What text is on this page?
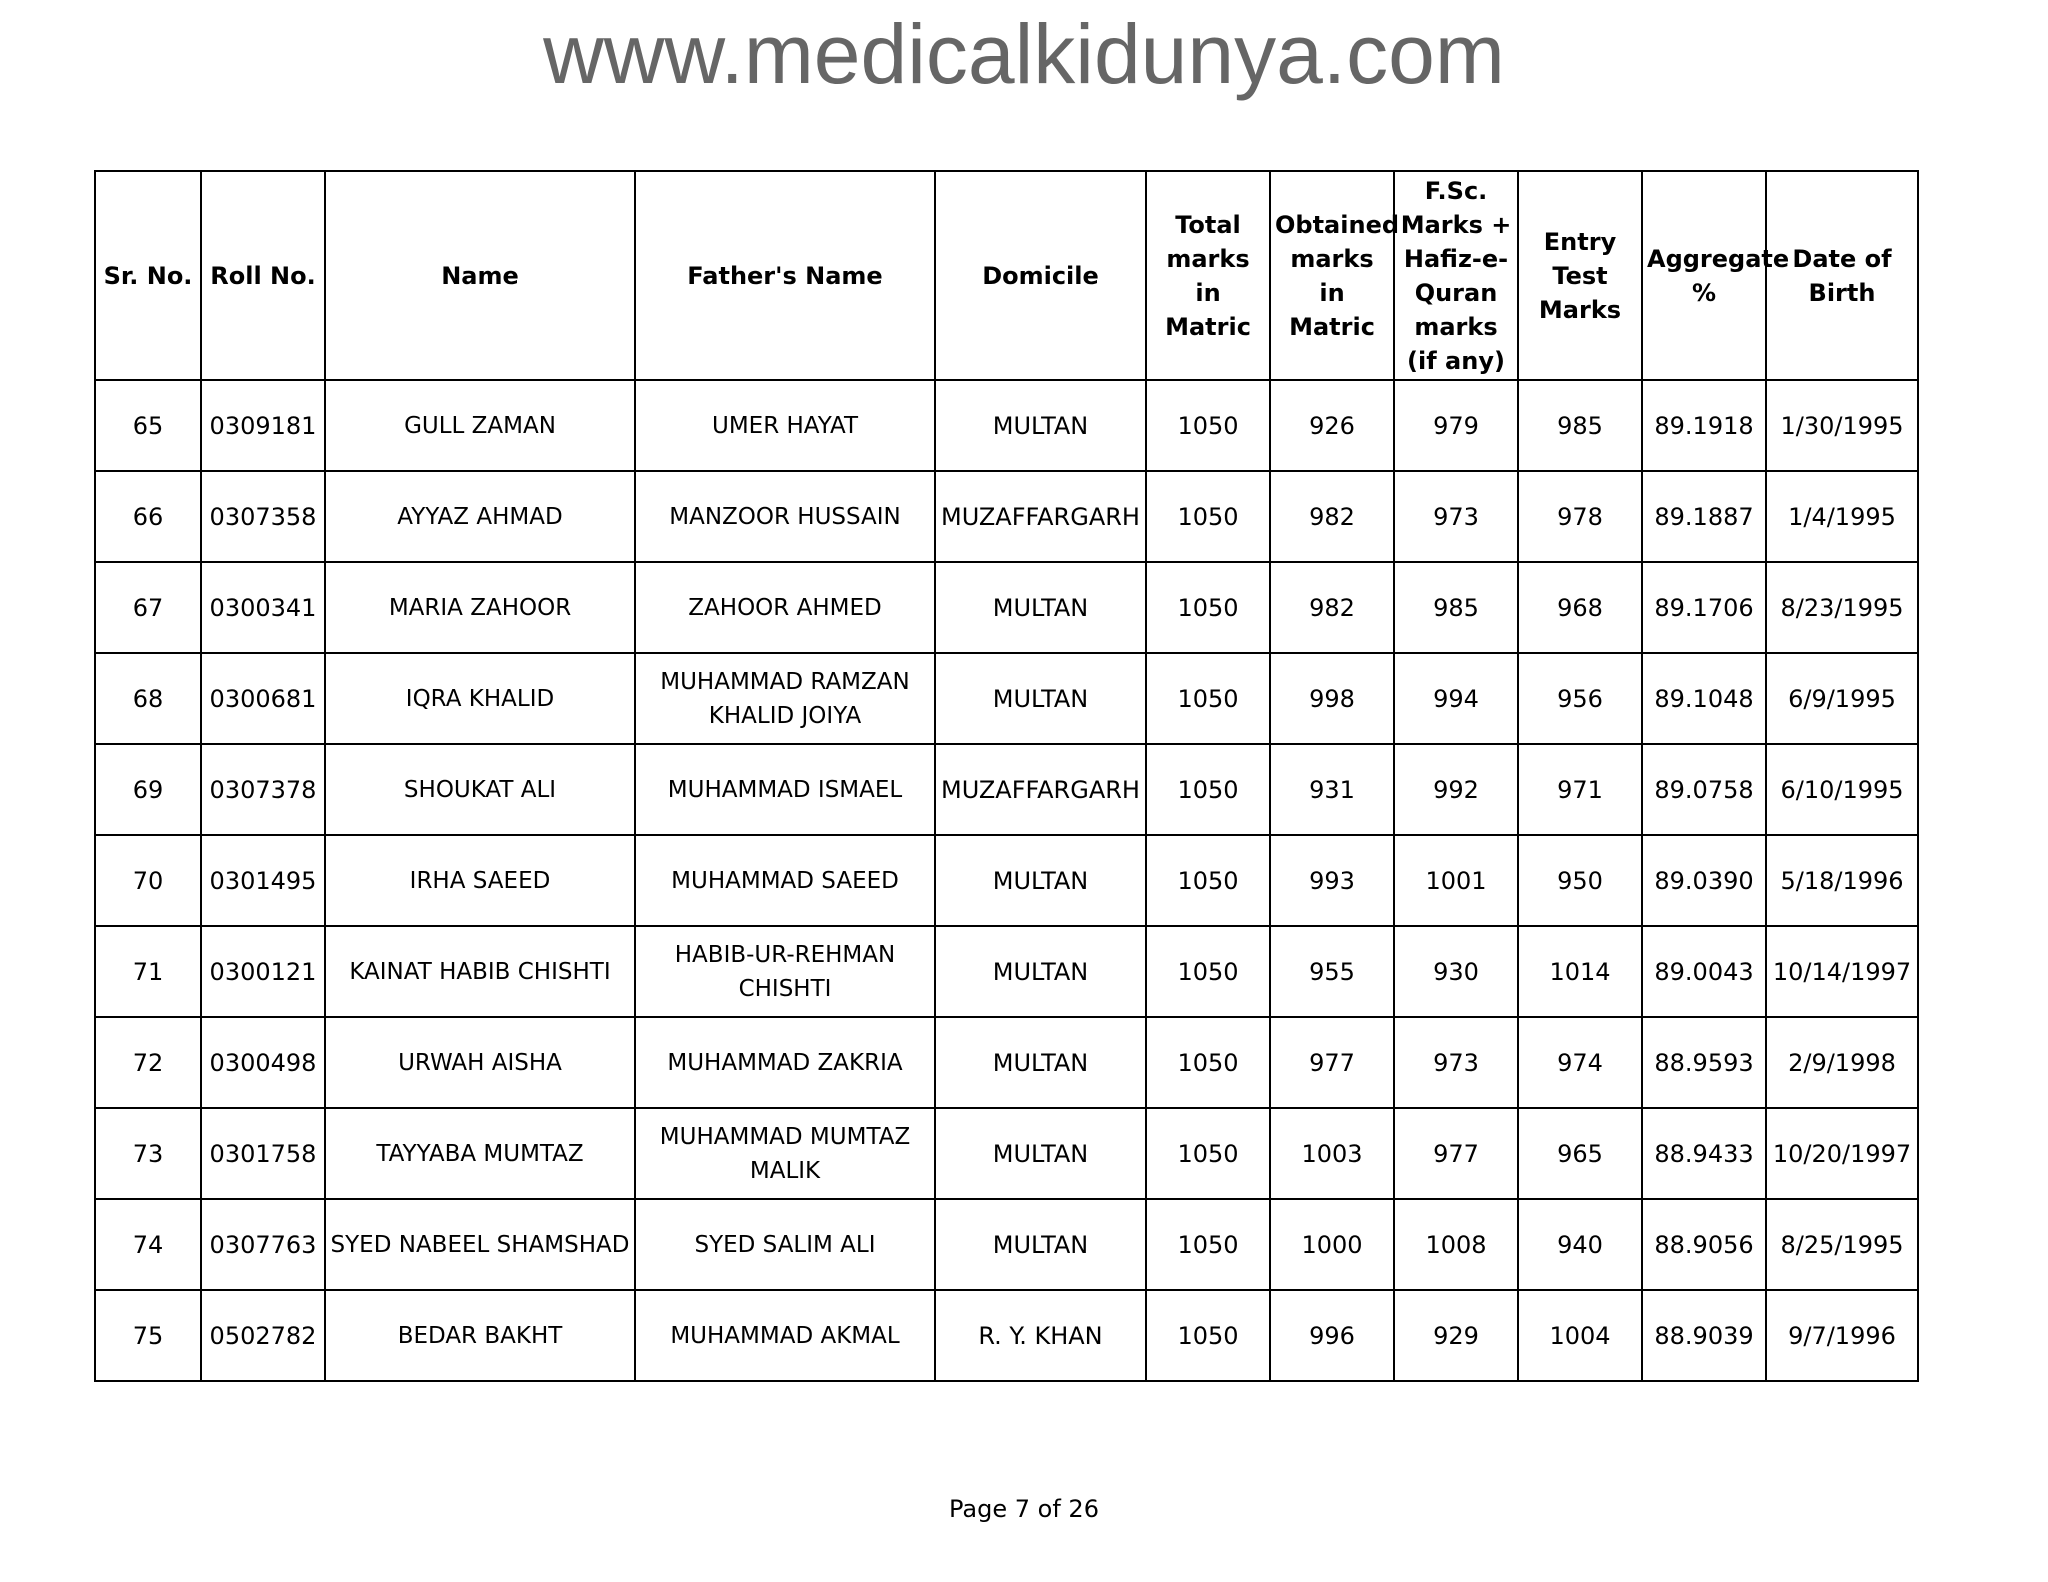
www.medicalkidunya.com
Sr. No.	Roll No.	Name	Father's Name	Domicile	Total marks in Matric	Obtained marks in Matric	F.Sc. Marks + Hafiz-e-Quran marks (if any)	Entry Test Marks	Aggregate %	Date of Birth
65	0309181	GULL ZAMAN	UMER HAYAT	MULTAN	1050	926	979	985	89.1918	1/30/1995
66	0307358	AYYAZ AHMAD	MANZOOR HUSSAIN	MUZAFFARGARH	1050	982	973	978	89.1887	1/4/1995
67	0300341	MARIA ZAHOOR	ZAHOOR AHMED	MULTAN	1050	982	985	968	89.1706	8/23/1995
68	0300681	IQRA KHALID	MUHAMMAD RAMZAN KHALID JOIYA	MULTAN	1050	998	994	956	89.1048	6/9/1995
69	0307378	SHOUKAT ALI	MUHAMMAD ISMAEL	MUZAFFARGARH	1050	931	992	971	89.0758	6/10/1995
70	0301495	IRHA SAEED	MUHAMMAD SAEED	MULTAN	1050	993	1001	950	89.0390	5/18/1996
71	0300121	KAINAT HABIB CHISHTI	HABIB-UR-REHMAN CHISHTI	MULTAN	1050	955	930	1014	89.0043	10/14/1997
72	0300498	URWAH AISHA	MUHAMMAD ZAKRIA	MULTAN	1050	977	973	974	88.9593	2/9/1998
73	0301758	TAYYABA MUMTAZ	MUHAMMAD MUMTAZ MALIK	MULTAN	1050	1003	977	965	88.9433	10/20/1997
74	0307763	SYED NABEEL SHAMSHAD	SYED SALIM ALI	MULTAN	1050	1000	1008	940	88.9056	8/25/1995
75	0502782	BEDAR BAKHT	MUHAMMAD AKMAL	R. Y. KHAN	1050	996	929	1004	88.9039	9/7/1996
Page 7 of 26
